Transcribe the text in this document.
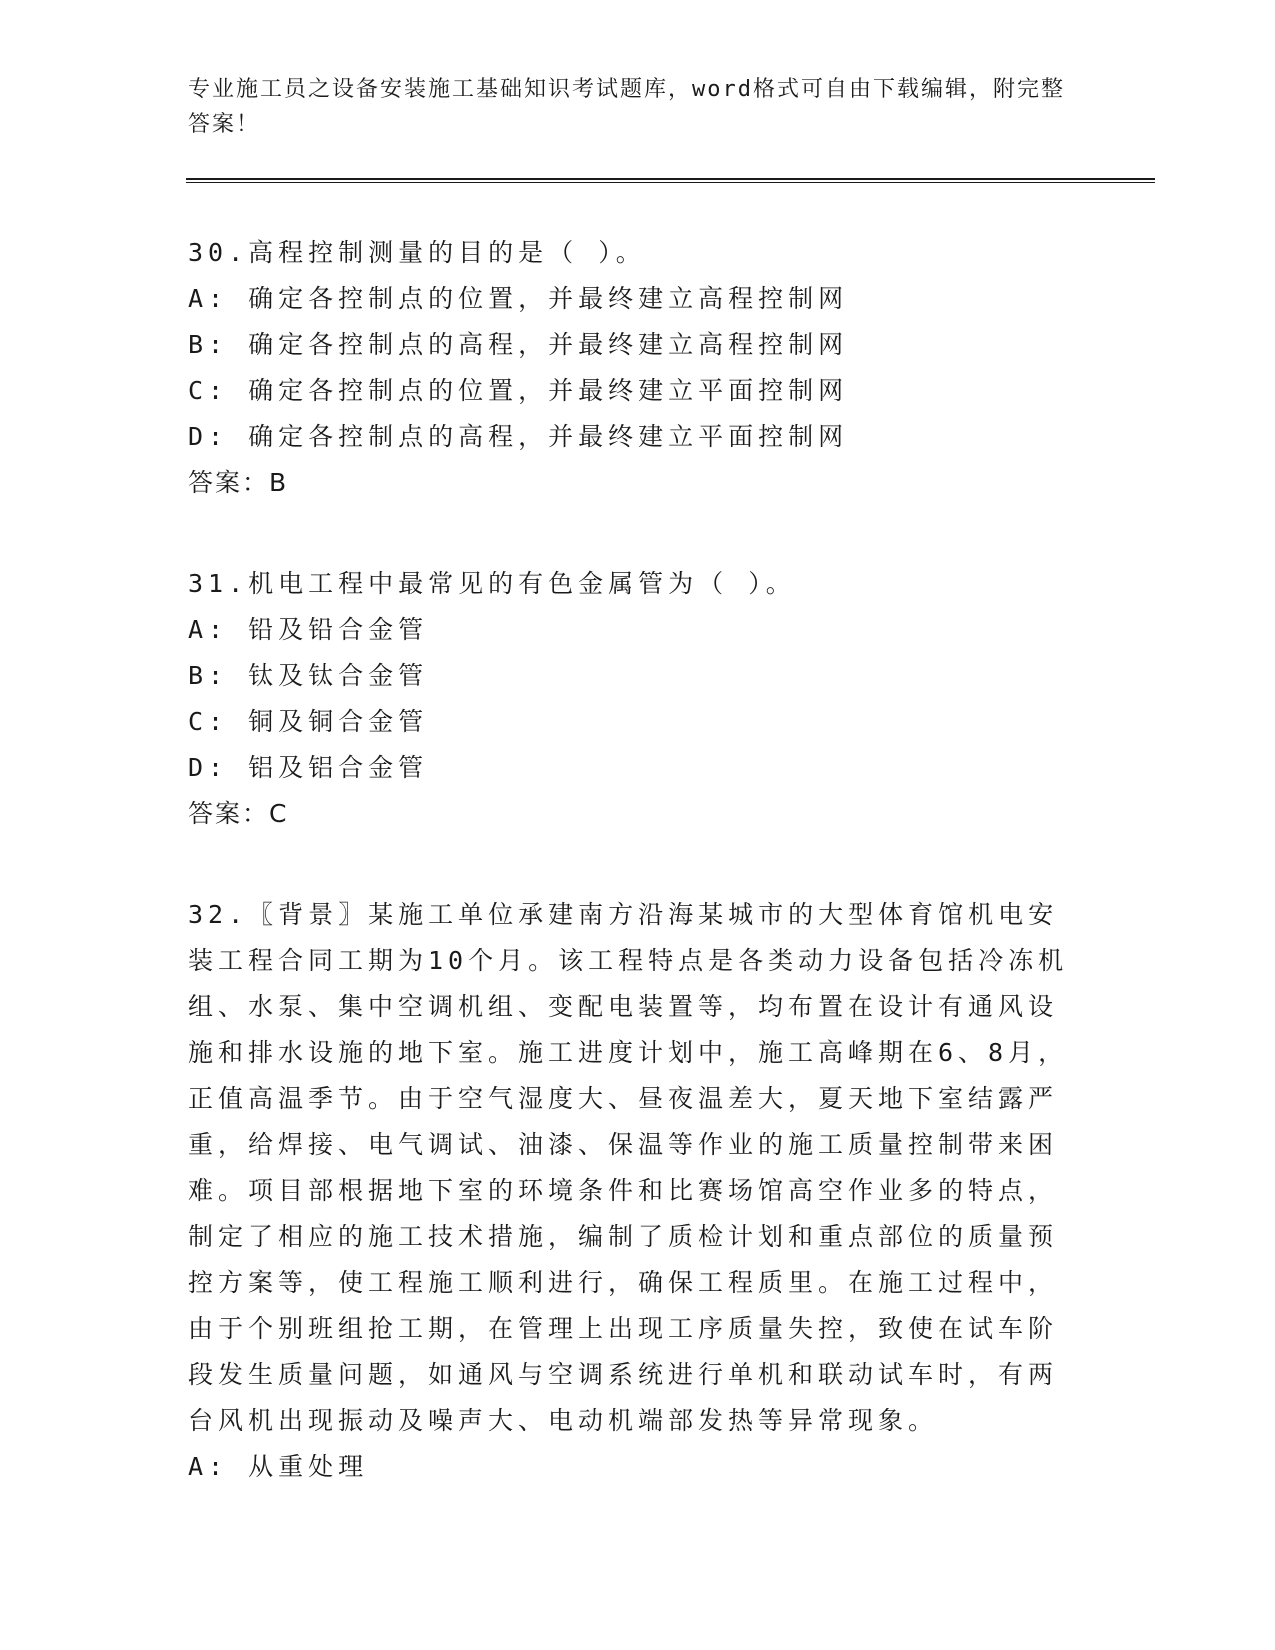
专业施工员之设备安装施工基础知识考试题库，word格式可自由下载编辑，附完整答案！
30.高程控制测量的目的是（ ）。
A: 确定各控制点的位置，并最终建立高程控制网
B: 确定各控制点的高程，并最终建立高程控制网
C: 确定各控制点的位置，并最终建立平面控制网
D: 确定各控制点的高程，并最终建立平面控制网
答案：B
31.机电工程中最常见的有色金属管为（ ）。
A: 铅及铅合金管
B: 钛及钛合金管
C: 铜及铜合金管
D: 铝及铝合金管
答案：C
32.〖背景〗某施工单位承建南方沿海某城市的大型体育馆机电安装工程合同工期为10个月。该工程特点是各类动力设备包括冷冻机组、水泵、集中空调机组、变配电装置等，均布置在设计有通风设施和排水设施的地下室。施工进度计划中，施工高峰期在6、8月，正值高温季节。由于空气湿度大、昼夜温差大，夏天地下室结露严重，给焊接、电气调试、油漆、保温等作业的施工质量控制带来困难。项目部根据地下室的环境条件和比赛场馆高空作业多的特点，制定了相应的施工技术措施，编制了质检计划和重点部位的质量预控方案等，使工程施工顺利进行，确保工程质里。在施工过程中，由于个别班组抢工期，在管理上出现工序质量失控，致使在试车阶段发生质量问题，如通风与空调系统进行单机和联动试车时，有两台风机出现振动及噪声大、电动机端部发热等异常现象。
A: 从重处理
